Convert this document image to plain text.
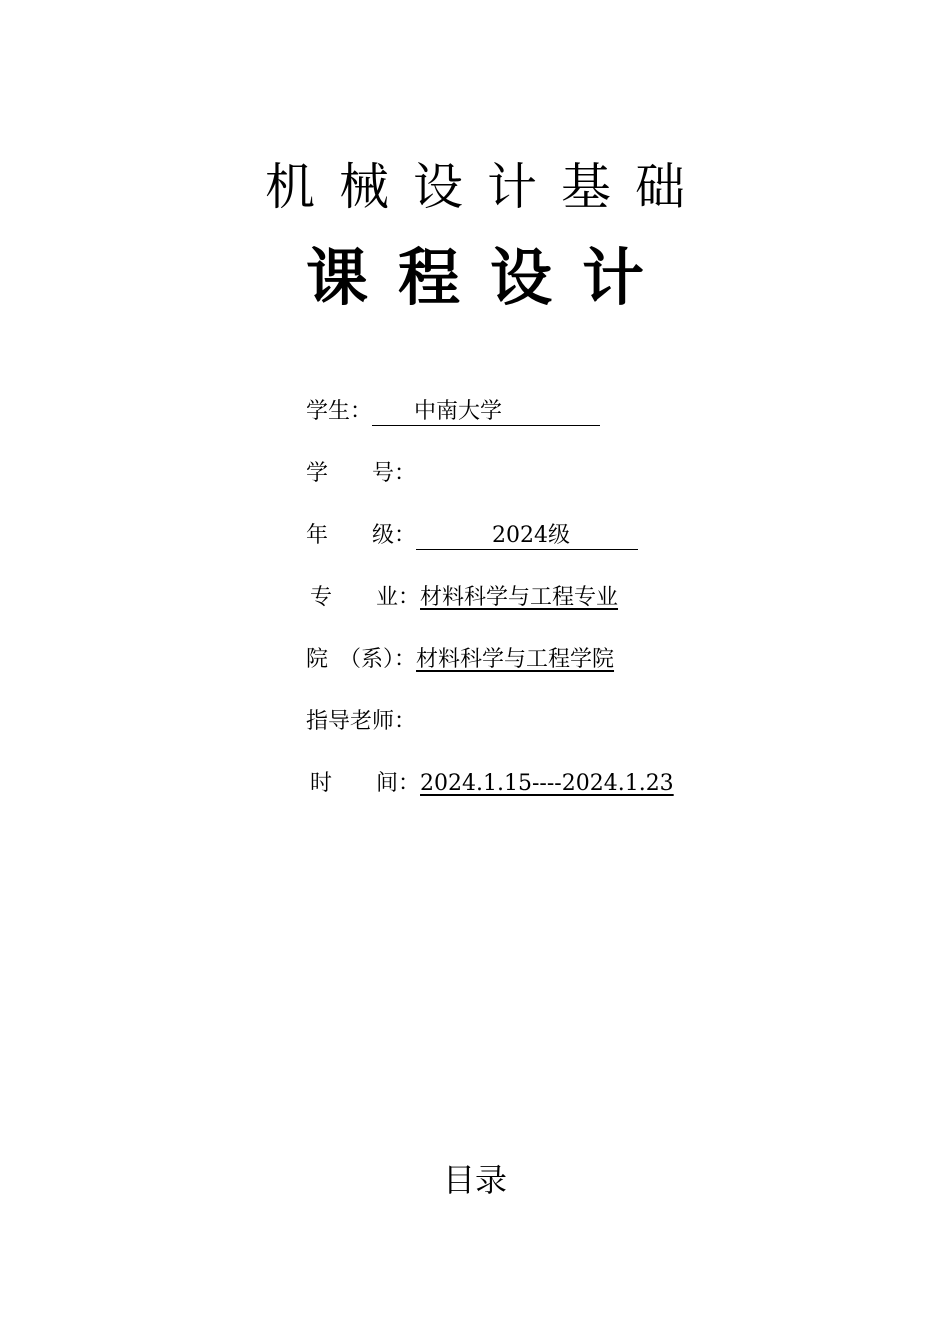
机械设计基础
课程设计
学生： 中南大学
学　　号：
年　　级：	2024级
专　　业：材料科学与工程专业
院　（系）：材料科学与工程学院
指导老师：
时　　间：2024.1.15----2024.1.23
目录
